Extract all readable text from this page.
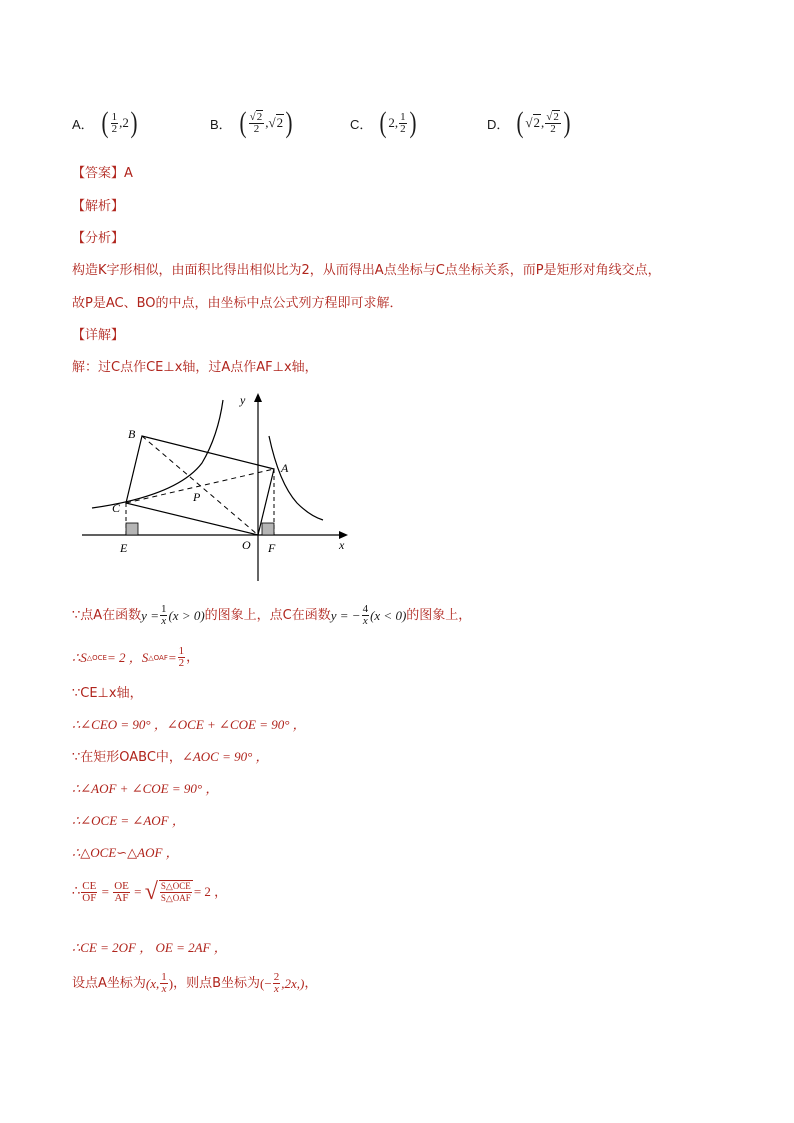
A． ( $\frac{1}{2}$ , 2 )	B． ( $\frac{√2}{2}$ , √2 )	C． ( 2 , $\frac{1}{2}$ )	D． ( √2 , $\frac{√2}{2}$ )
【答案】A
【解析】
【分析】
构造K字形相似，由面积比得出相似比为2，从而得出A点坐标与C点坐标关系，而P是矩形对角线交点，
故P是AC、BO的中点，由坐标中点公式列方程即可求解．
【详解】
解：过C点作CE⊥x轴，过A点作AF⊥x轴，
B
A
C
P
E	O F	x
y
∵点A在函数 $y = \frac{1}{x} (x > 0)$ 的图象上，点C在函数 y = − $\frac{4}{x} (x < 0)$ 的图象上，
∴S △OCE = 2 ，S △OAF = $\frac{1}{2}$ ，
∵CE⊥x轴，
∴∠CEO = 90° ，∠OCE + ∠COE = 90° ，
∵在矩形OABC中，∠AOC = 90° ，
∴∠AOF + ∠COE = 90° ，
∴∠OCE = ∠AOF ，
∴△OCE∽△AOF ，
∴ $\frac{CE}{OF} = \frac{OE}{AF}$ = √ $\frac{\text{S△OCE}}{\text{S△OAF}} = 2$ ，
∴CE = 2OF ， OE = 2AF ，
设点A坐标为 (x, $\frac{1}{x}$ ) ，则点B坐标为 (− $\frac{2}{x} ,2x$,) ，
